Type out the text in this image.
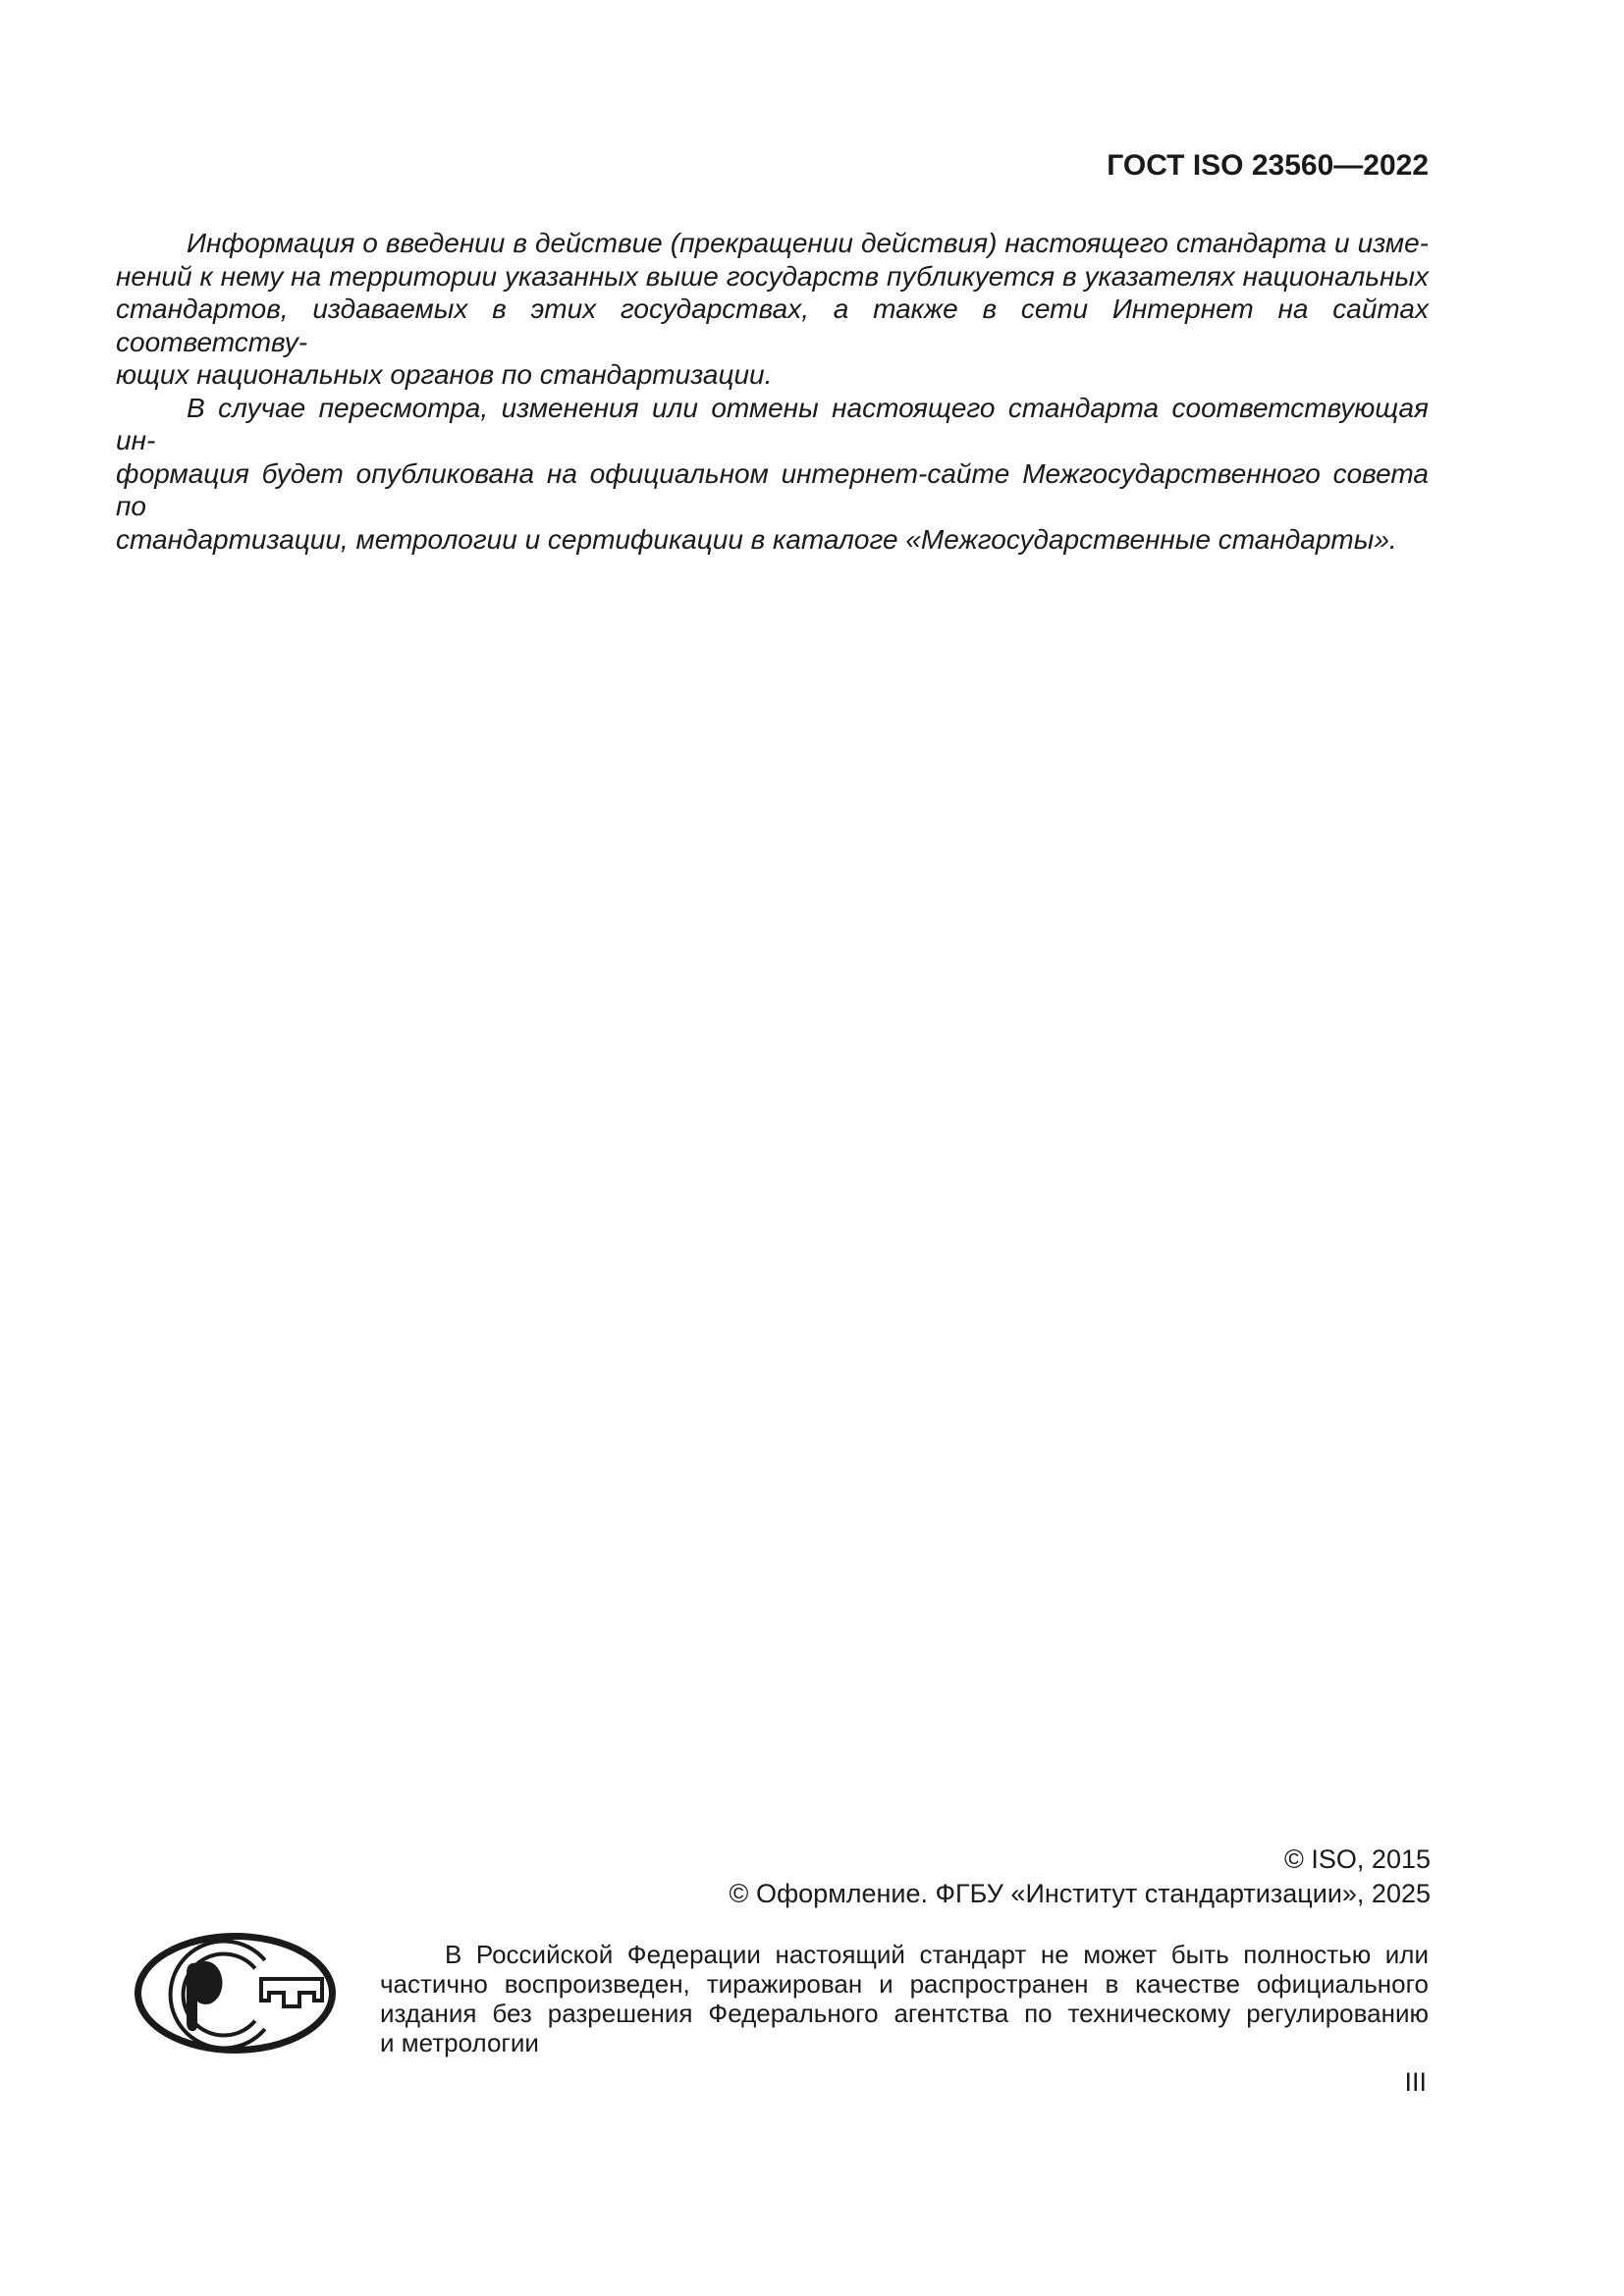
ГОСТ ISO 23560—2022
Информация о введении в действие (прекращении действия) настоящего стандарта и изме-
нений к нему на территории указанных выше государств публикуется в указателях национальных
стандартов, издаваемых в этих государствах, а также в сети Интернет на сайтах соответству-
ющих национальных органов по стандартизации.
В случае пересмотра, изменения или отмены настоящего стандарта соответствующая ин-
формация будет опубликована на официальном интернет-сайте Межгосударственного совета по
стандартизации, метрологии и сертификации в каталоге «Межгосударственные стандарты».
© ISO, 2015
© Оформление. ФГБУ «Институт стандартизации», 2025
В Российской Федерации настоящий стандарт не может быть полностью или
частично воспроизведен, тиражирован и распространен в качестве официального
издания без разрешения Федерального агентства по техническому регулированию
и метрологии
III
